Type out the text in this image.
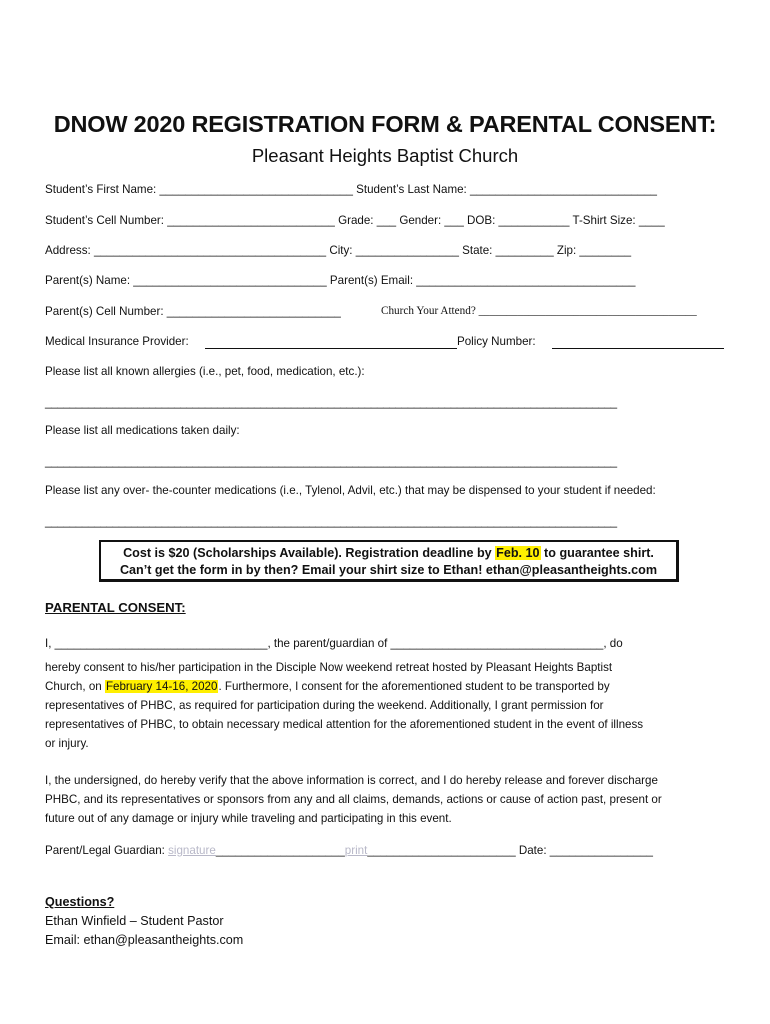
DNOW 2020 REGISTRATION FORM & PARENTAL CONSENT:
Pleasant Heights Baptist Church
Student’s First Name: ______________________________ Student’s Last Name: _____________________________
Student’s Cell Number: __________________________ Grade: ___ Gender: ___ DOB: ___________ T-Shirt Size: ____
Address: ____________________________________ City: ________________ State: _________ Zip: ________
Parent(s) Name: ______________________________ Parent(s) Email: __________________________________
Parent(s) Cell Number: ___________________________	Church Your Attend? _______________________________________
Medical Insurance Provider:	Policy Number:
Please list all known allergies (i.e., pet, food, medication, etc.):
_____________________________________________________________________________________________
Please list all medications taken daily:
_____________________________________________________________________________________________
Please list any over- the-counter medications (i.e., Tylenol, Advil, etc.) that may be dispensed to your student if needed:
_____________________________________________________________________________________________
Cost is $20 (Scholarships Available). Registration deadline by Feb. 10 to guarantee shirt.
Can’t get the form in by then? Email your shirt size to Ethan! ethan@pleasantheights.com
PARENTAL CONSENT:
I, _________________________________, the parent/guardian of _________________________________, do
hereby consent to his/her participation in the Disciple Now weekend retreat hosted by Pleasant Heights Baptist
Church, on February 14-16, 2020. Furthermore, I consent for the aforementioned student to be transported by
representatives of PHBC, as required for participation during the weekend. Additionally, I grant permission for
representatives of PHBC, to obtain necessary medical attention for the aforementioned student in the event of illness
or injury.
I, the undersigned, do hereby verify that the above information is correct, and I do hereby release and forever discharge
PHBC, and its representatives or sponsors from any and all claims, demands, actions or cause of action past, present or
future out of any damage or injury while traveling and participating in this event.
Parent/Legal Guardian: signature____________________print_______________________ Date: ________________
Questions?
Ethan Winfield – Student Pastor
Email: ethan@pleasantheights.com
